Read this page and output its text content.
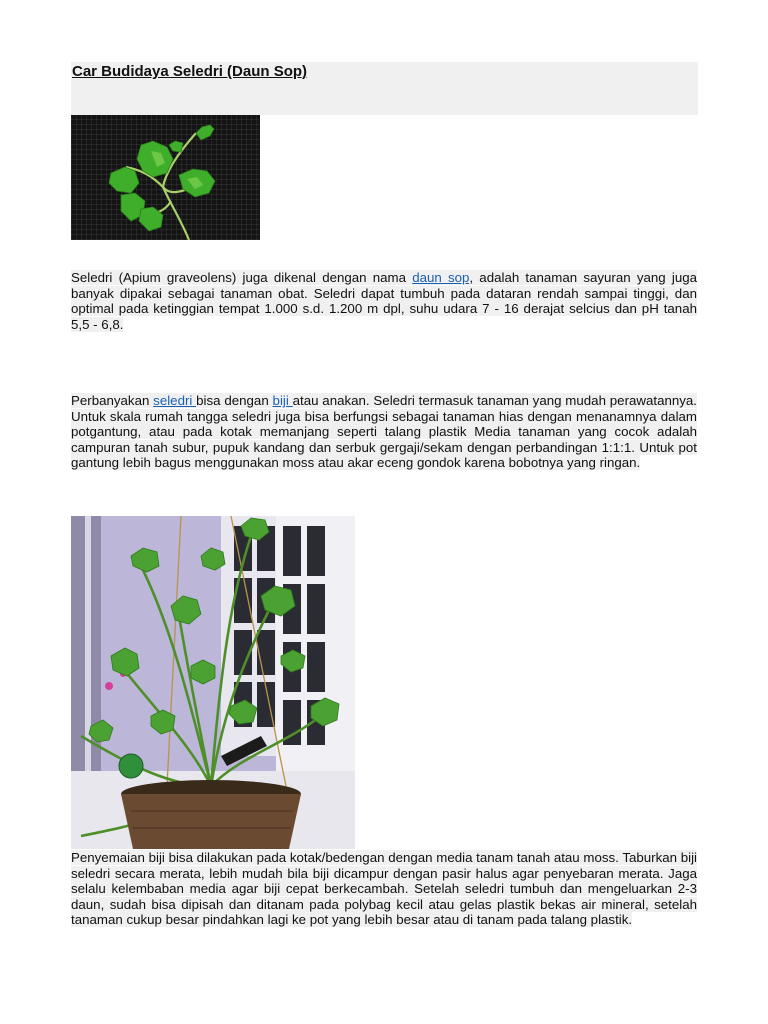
Car Budidaya Seledri (Daun Sop)

Seledri (Apium graveolens) juga dikenal dengan nama daun sop, adalah tanaman sayuran yang juga banyak dipakai sebagai tanaman obat. Seledri dapat tumbuh pada dataran rendah sampai tinggi, dan optimal pada ketinggian tempat 1.000 s.d. 1.200 m dpl, suhu udara 7 - 16 derajat selcius dan pH tanah 5,5 - 6,8.

Perbanyakan seledri bisa dengan biji atau anakan. Seledri termasuk tanaman yang mudah perawatannya. Untuk skala rumah tangga seledri juga bisa berfungsi sebagai tanaman hias dengan menanamnya dalam potgantung, atau pada kotak memanjang seperti talang plastik Media tanaman yang cocok adalah campuran tanah subur, pupuk kandang dan serbuk gergaji/sekam dengan perbandingan 1:1:1. Untuk pot gantung lebih bagus menggunakan moss atau akar eceng gondok karena bobotnya yang ringan.

Penyemaian biji bisa dilakukan pada kotak/bedengan dengan media tanam tanah atau moss. Taburkan biji seledri secara merata, lebih mudah bila biji dicampur dengan pasir halus agar penyebaran merata. Jaga selalu kelembaban media agar biji cepat berkecambah. Setelah seledri tumbuh dan mengeluarkan 2-3 daun, sudah bisa dipisah dan ditanam pada polybag kecil atau gelas plastik bekas air mineral, setelah tanaman cukup besar pindahkan lagi ke pot yang lebih besar atau di tanam pada talang plastik.
